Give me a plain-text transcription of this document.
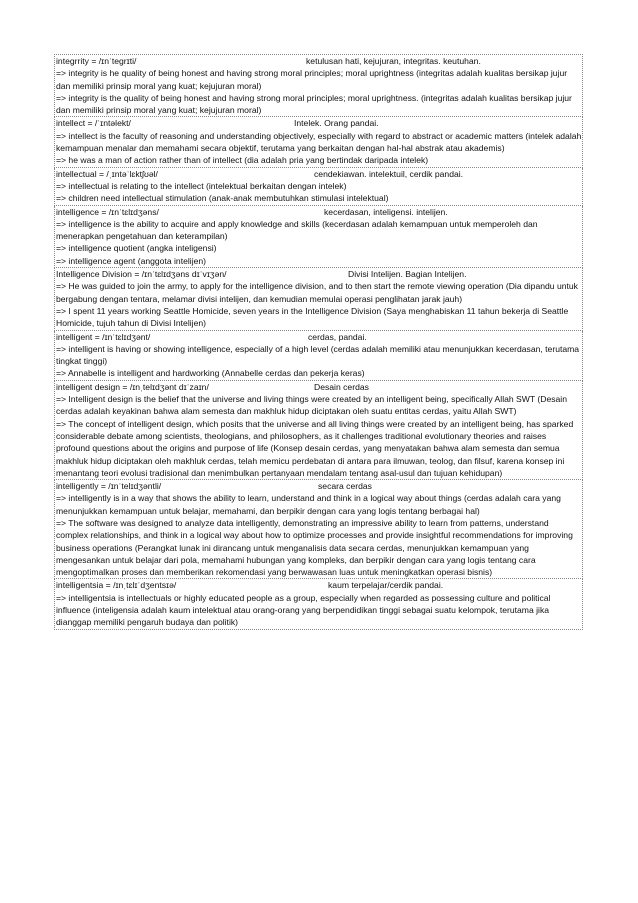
integrrity = /ɪnˈtegrɪti/	ketulusan hati, kejujuran, integritas. keutuhan.

=> integrity is he quality of being honest and having strong moral principles; moral uprightness (integritas adalah kualitas bersikap jujur dan memiliki prinsip moral yang kuat; kejujuran moral)

=> integrity is the quality of being honest and having strong moral principles; moral uprightness. (integritas adalah kualitas bersikap jujur dan memiliki prinsip moral yang kuat; kejujuran moral)

intellect = /ˈɪntəlekt/	Intelek. Orang pandai.

=> intellect is the faculty of reasoning and understanding objectively, especially with regard to abstract or academic matters (intelek adalah kemampuan menalar dan memahami secara objektif, terutama yang berkaitan dengan hal-hal abstrak atau akademis)

=> he was a man of action rather than of intellect (dia adalah pria yang bertindak daripada intelek)

intellectual = /ˌɪntəˈlɛktʃʊəl/	cendekiawan. intelektuil, cerdik pandai.

=> intellectual is relating to the intellect (intelektual berkaitan dengan intelek)

=> children need intellectual stimulation (anak-anak membutuhkan stimulasi intelektual)

intelligence = /ɪnˈtɛlɪdʒəns/	kecerdasan, inteligensi. intelijen.

=> intelligence is the ability to acquire and apply knowledge and skills (kecerdasan adalah kemampuan untuk memperoleh dan menerapkan pengetahuan dan keterampilan)

=> intelligence quotient (angka inteligensi)

=> intelligence agent (anggota intelijen)

Intelligence Division = /ɪnˈtɛlɪdʒəns dɪˈvɪʒən/	Divisi Intelijen. Bagian Intelijen.

=> He was guided to join the army, to apply for the intelligence division, and to then start the remote viewing operation (Dia dipandu untuk bergabung dengan tentara, melamar divisi intelijen, dan kemudian memulai operasi penglihatan jarak jauh)

=> I spent 11 years working Seattle Homicide, seven years in the Intelligence Division (Saya menghabiskan 11 tahun bekerja di Seattle Homicide, tujuh tahun di Divisi Intelijen)

intelligent = /ɪnˈtɛlɪdʒənt/	cerdas, pandai.

=> intelligent is having or showing intelligence, especially of a high level (cerdas adalah memiliki atau menunjukkan kecerdasan, terutama tingkat tinggi)

=> Annabelle is intelligent and hardworking (Annabelle cerdas dan pekerja keras)

intelligent design = /ɪnˌtelɪdʒənt dɪˈzaɪn/	Desain cerdas

=> Intelligent design is the belief that the universe and living things were created by an intelligent being, specifically Allah SWT (Desain cerdas adalah keyakinan bahwa alam semesta dan makhluk hidup diciptakan oleh suatu entitas cerdas, yaitu Allah SWT)

=> The concept of intelligent design, which posits that the universe and all living things were created by an intelligent being, has sparked considerable debate among scientists, theologians, and philosophers, as it challenges traditional evolutionary theories and raises profound questions about the origins and purpose of life (Konsep desain cerdas, yang menyatakan bahwa alam semesta dan semua makhluk hidup diciptakan oleh makhluk cerdas, telah memicu perdebatan di antara para ilmuwan, teolog, dan filsuf, karena konsep ini menantang teori evolusi tradisional dan menimbulkan pertanyaan mendalam tentang asal-usul dan tujuan kehidupan)

intelligently = /ɪnˈtelɪdʒəntli/	secara cerdas

=> intelligently is in a way that shows the ability to learn, understand and think in a logical way about things (cerdas adalah cara yang menunjukkan kemampuan untuk belajar, memahami, dan berpikir dengan cara yang logis tentang berbagai hal)

=> The software was designed to analyze data intelligently, demonstrating an impressive ability to learn from patterns, understand complex relationships, and think in a logical way about how to optimize processes and provide insightful recommendations for improving business operations (Perangkat lunak ini dirancang untuk menganalisis data secara cerdas, menunjukkan kemampuan yang mengesankan untuk belajar dari pola, memahami hubungan yang kompleks, dan berpikir dengan cara yang logis tentang cara mengoptimalkan proses dan memberikan rekomendasi yang berwawasan luas untuk meningkatkan operasi bisnis)

intelligentsia = /ɪnˌtɛlɪˈdʒentsɪə/	kaum terpelajar/cerdik pandai.

=> intelligentsia is intellectuals or highly educated people as a group, especially when regarded as possessing culture and political influence (inteligensia adalah kaum intelektual atau orang-orang yang berpendidikan tinggi sebagai suatu kelompok, terutama jika dianggap memiliki pengaruh budaya dan politik)
